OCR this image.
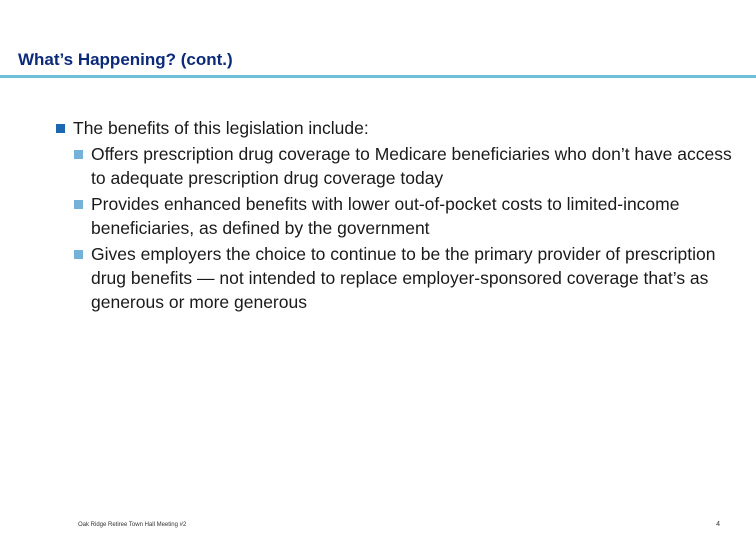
What’s Happening? (cont.)
The benefits of this legislation include:
Offers prescription drug coverage to Medicare beneficiaries who don’t have access to adequate prescription drug coverage today
Provides enhanced benefits with lower out-of-pocket costs to limited-income beneficiaries, as defined by the government
Gives employers the choice to continue to be the primary provider of prescription drug benefits — not intended to replace employer-sponsored coverage that’s as generous or more generous
Oak Ridge Retiree Town Hall Meeting #2	4
